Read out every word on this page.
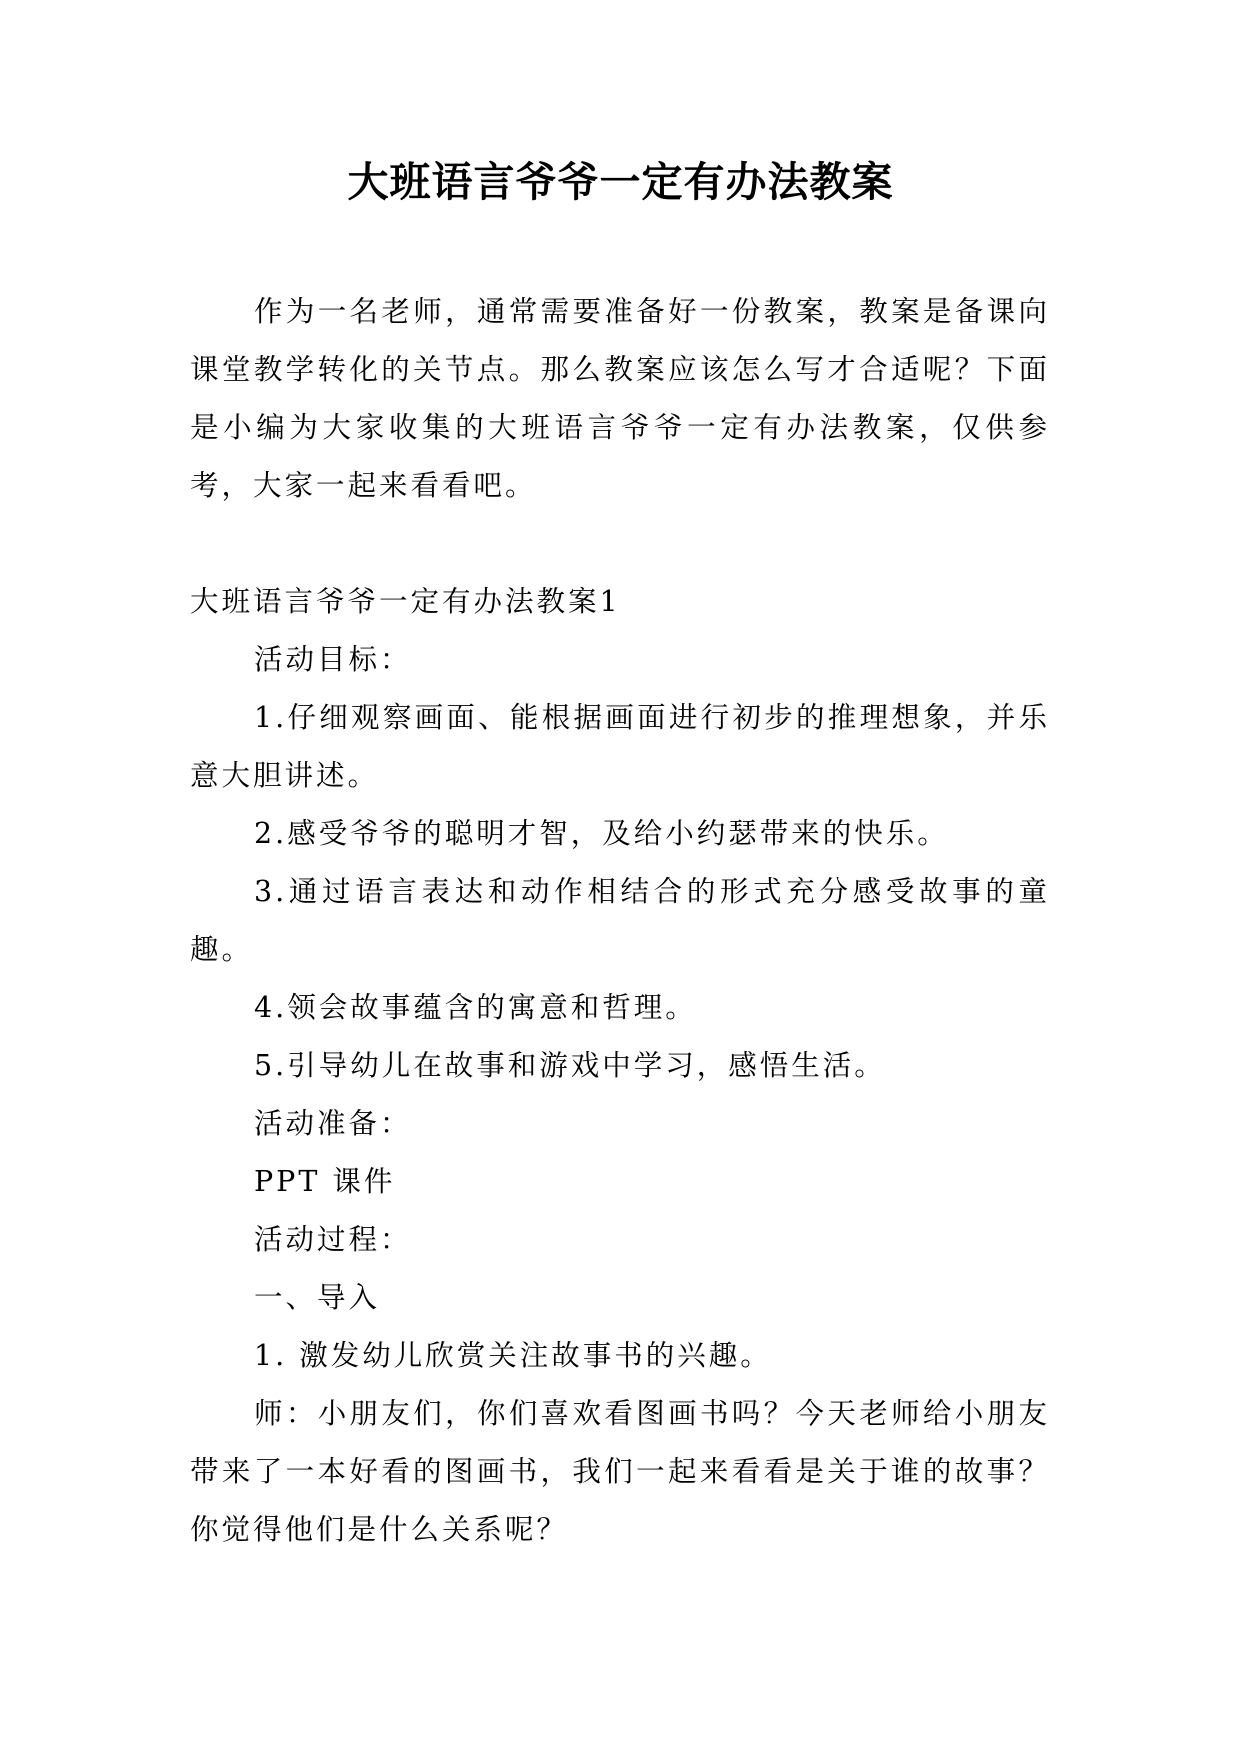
大班语言爷爷一定有办法教案

作为一名老师，通常需要准备好一份教案，教案是备课向课堂教学转化的关节点。那么教案应该怎么写才合适呢？下面是小编为大家收集的大班语言爷爷一定有办法教案，仅供参考，大家一起来看看吧。

大班语言爷爷一定有办法教案1

活动目标：

1.仔细观察画面、能根据画面进行初步的推理想象，并乐意大胆讲述。

2.感受爷爷的聪明才智，及给小约瑟带来的快乐。

3.通过语言表达和动作相结合的形式充分感受故事的童趣。

4.领会故事蕴含的寓意和哲理。

5.引导幼儿在故事和游戏中学习，感悟生活。

活动准备：

PPT 课件

活动过程：

一、导入

1. 激发幼儿欣赏关注故事书的兴趣。

师：小朋友们，你们喜欢看图画书吗？今天老师给小朋友带来了一本好看的图画书，我们一起来看看是关于谁的故事？你觉得他们是什么关系呢？
